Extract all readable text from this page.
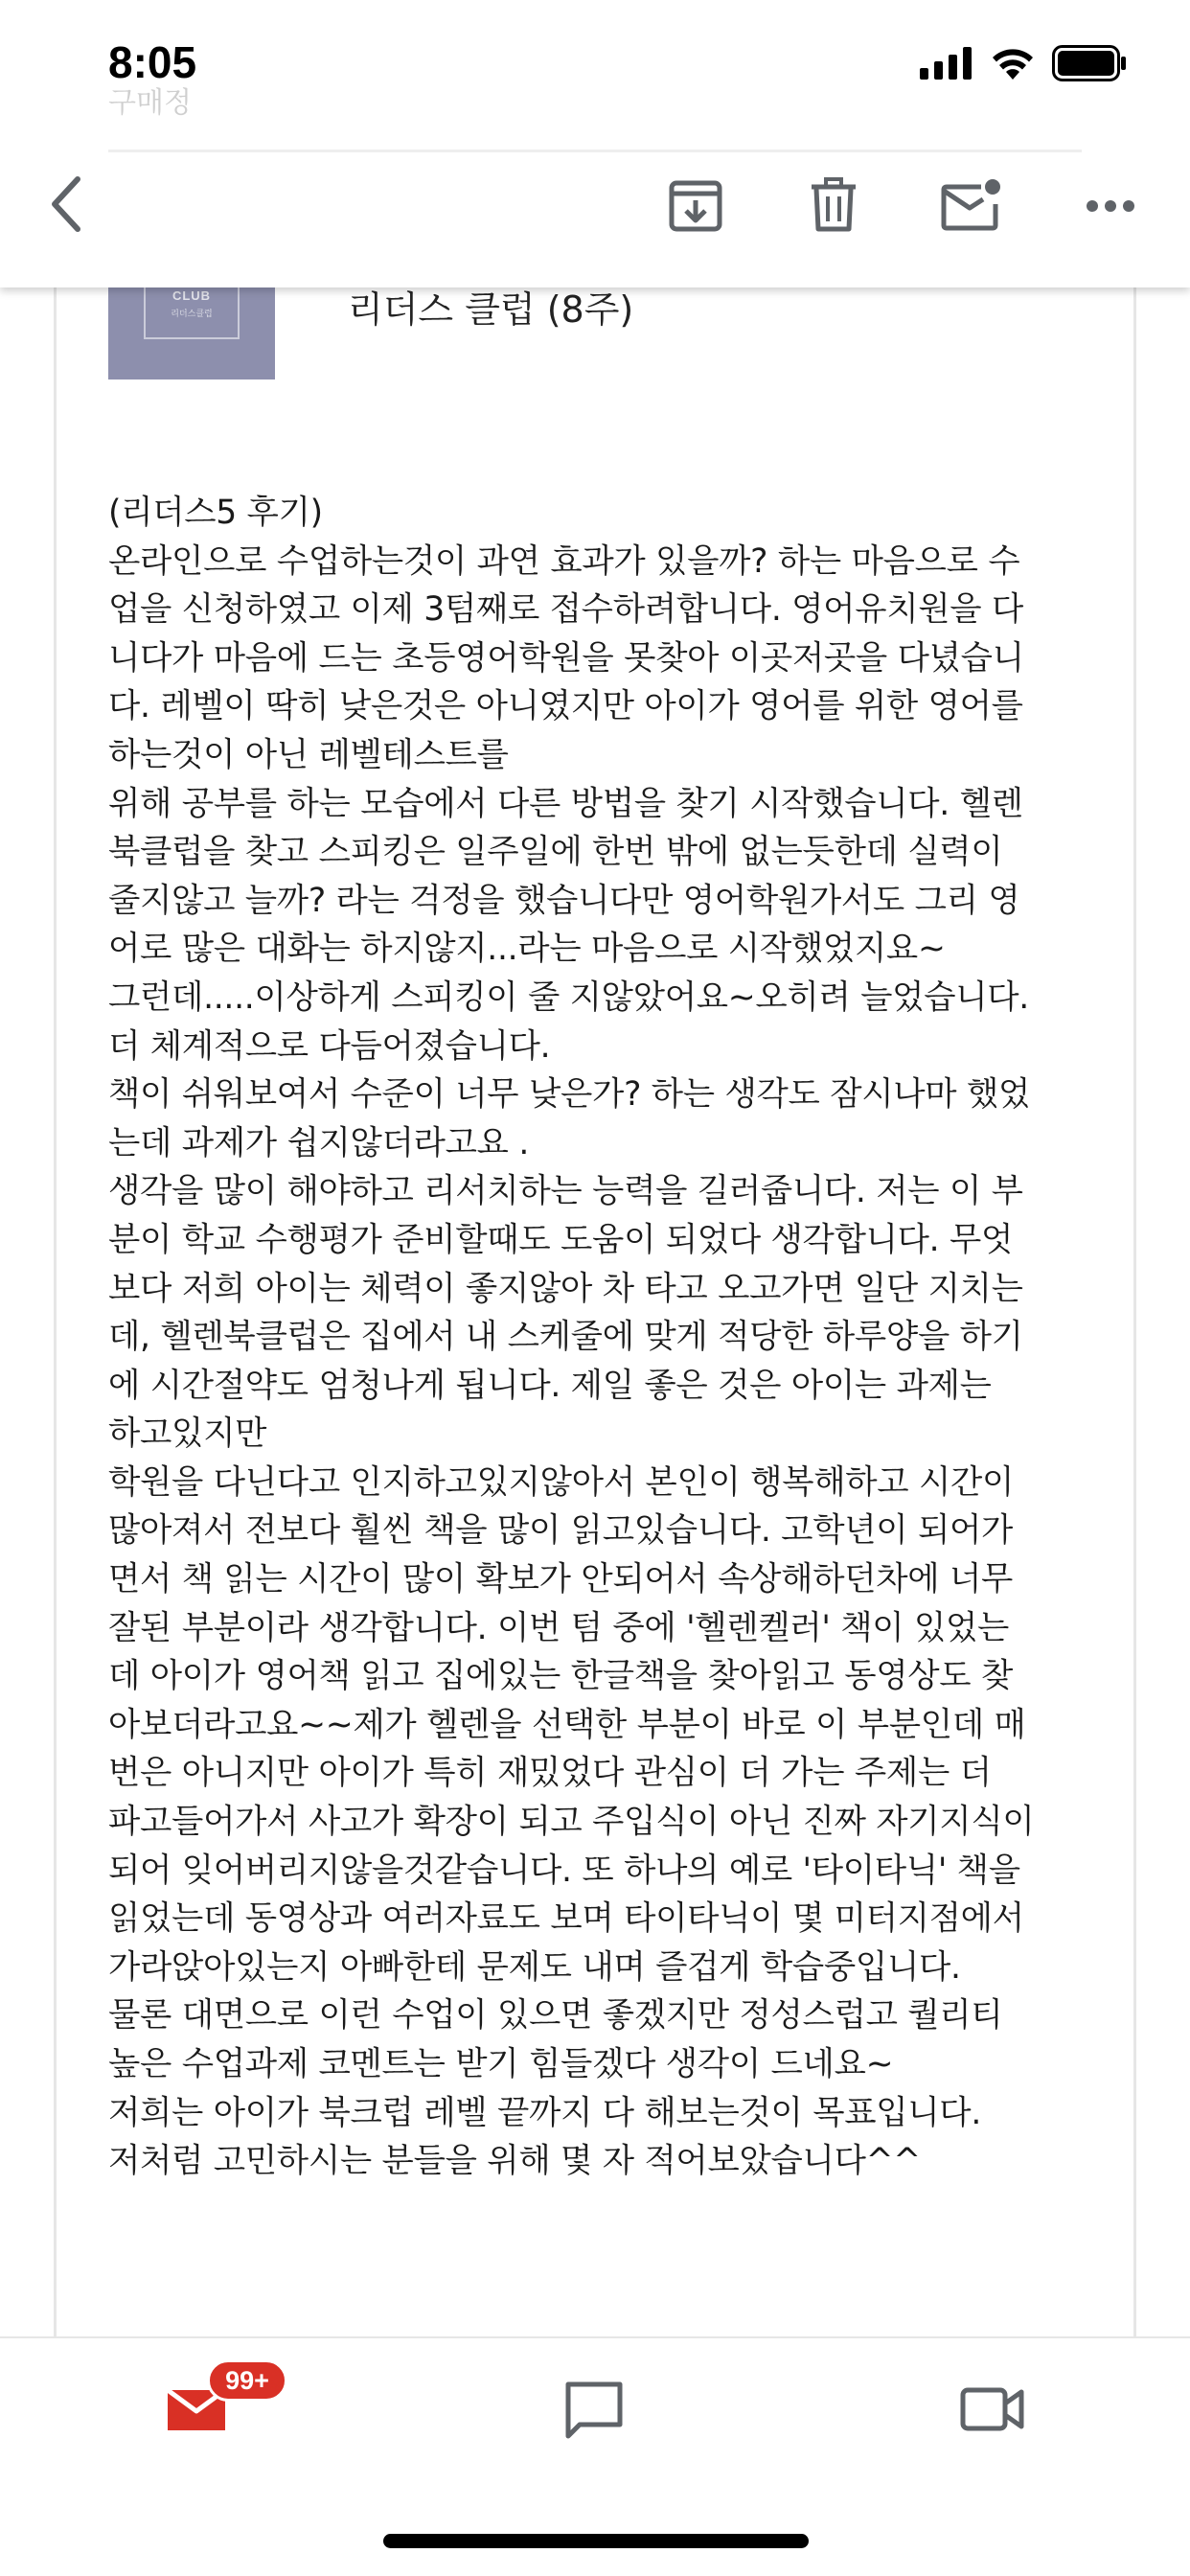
CLUB
리더스클럽	리더스 클럽 (8주)
(리더스5 후기)
온라인으로 수업하는것이 과연 효과가 있을까? 하는 마음으로 수
업을 신청하였고 이제 3텀째로 접수하려합니다. 영어유치원을 다
니다가 마음에 드는 초등영어학원을 못찾아 이곳저곳을 다녔습니
다. 레벨이 딱히 낮은것은 아니였지만 아이가 영어를 위한 영어를
하는것이 아닌 레벨테스트를
위해 공부를 하는 모습에서 다른 방법을 찾기 시작했습니다. 헬렌
북클럽을 찾고 스피킹은 일주일에 한번 밖에 없는듯한데 실력이
줄지않고 늘까? 라는 걱정을 했습니다만 영어학원가서도 그리 영
어로 많은 대화는 하지않지...라는 마음으로 시작했었지요~
그런데.....이상하게 스피킹이 줄 지않았어요~오히려 늘었습니다.
더 체계적으로 다듬어졌습니다.
책이 쉬워보여서 수준이 너무 낮은가? 하는 생각도 잠시나마 했었
는데 과제가 쉽지않더라고요 .
생각을 많이 해야하고 리서치하는 능력을 길러줍니다. 저는 이 부
분이 학교 수행평가 준비할때도 도움이 되었다 생각합니다. 무엇
보다 저희 아이는 체력이 좋지않아 차 타고 오고가면 일단 지치는
데, 헬렌북클럽은 집에서 내 스케줄에 맞게 적당한 하루양을 하기
에 시간절약도 엄청나게 됩니다. 제일 좋은 것은 아이는 과제는
하고있지만
학원을 다닌다고 인지하고있지않아서 본인이 행복해하고 시간이
많아져서 전보다 훨씬 책을 많이 읽고있습니다. 고학년이 되어가
면서 책 읽는 시간이 많이 확보가 안되어서 속상해하던차에 너무
잘된 부분이라 생각합니다. 이번 텀 중에 '헬렌켈러' 책이 있었는
데 아이가 영어책 읽고 집에있는 한글책을 찾아읽고 동영상도 찾
아보더라고요~~제가 헬렌을 선택한 부분이 바로 이 부분인데 매
번은 아니지만 아이가 특히 재밌었다 관심이 더 가는 주제는 더
파고들어가서 사고가 확장이 되고 주입식이 아닌 진짜 자기지식이
되어 잊어버리지않을것같습니다. 또 하나의 예로 '타이타닉' 책을
읽었는데 동영상과 여러자료도 보며 타이타닉이 몇 미터지점에서
가라앉아있는지 아빠한테 문제도 내며 즐겁게 학습중입니다.
물론 대면으로 이런 수업이 있으면 좋겠지만 정성스럽고 퀄리티
높은 수업과제 코멘트는 받기 힘들겠다 생각이 드네요~
저희는 아이가 북크럽 레벨 끝까지 다 해보는것이 목표입니다.
저처럼 고민하시는 분들을 위해 몇 자 적어보았습니다^^
구매정
8:05
99+
